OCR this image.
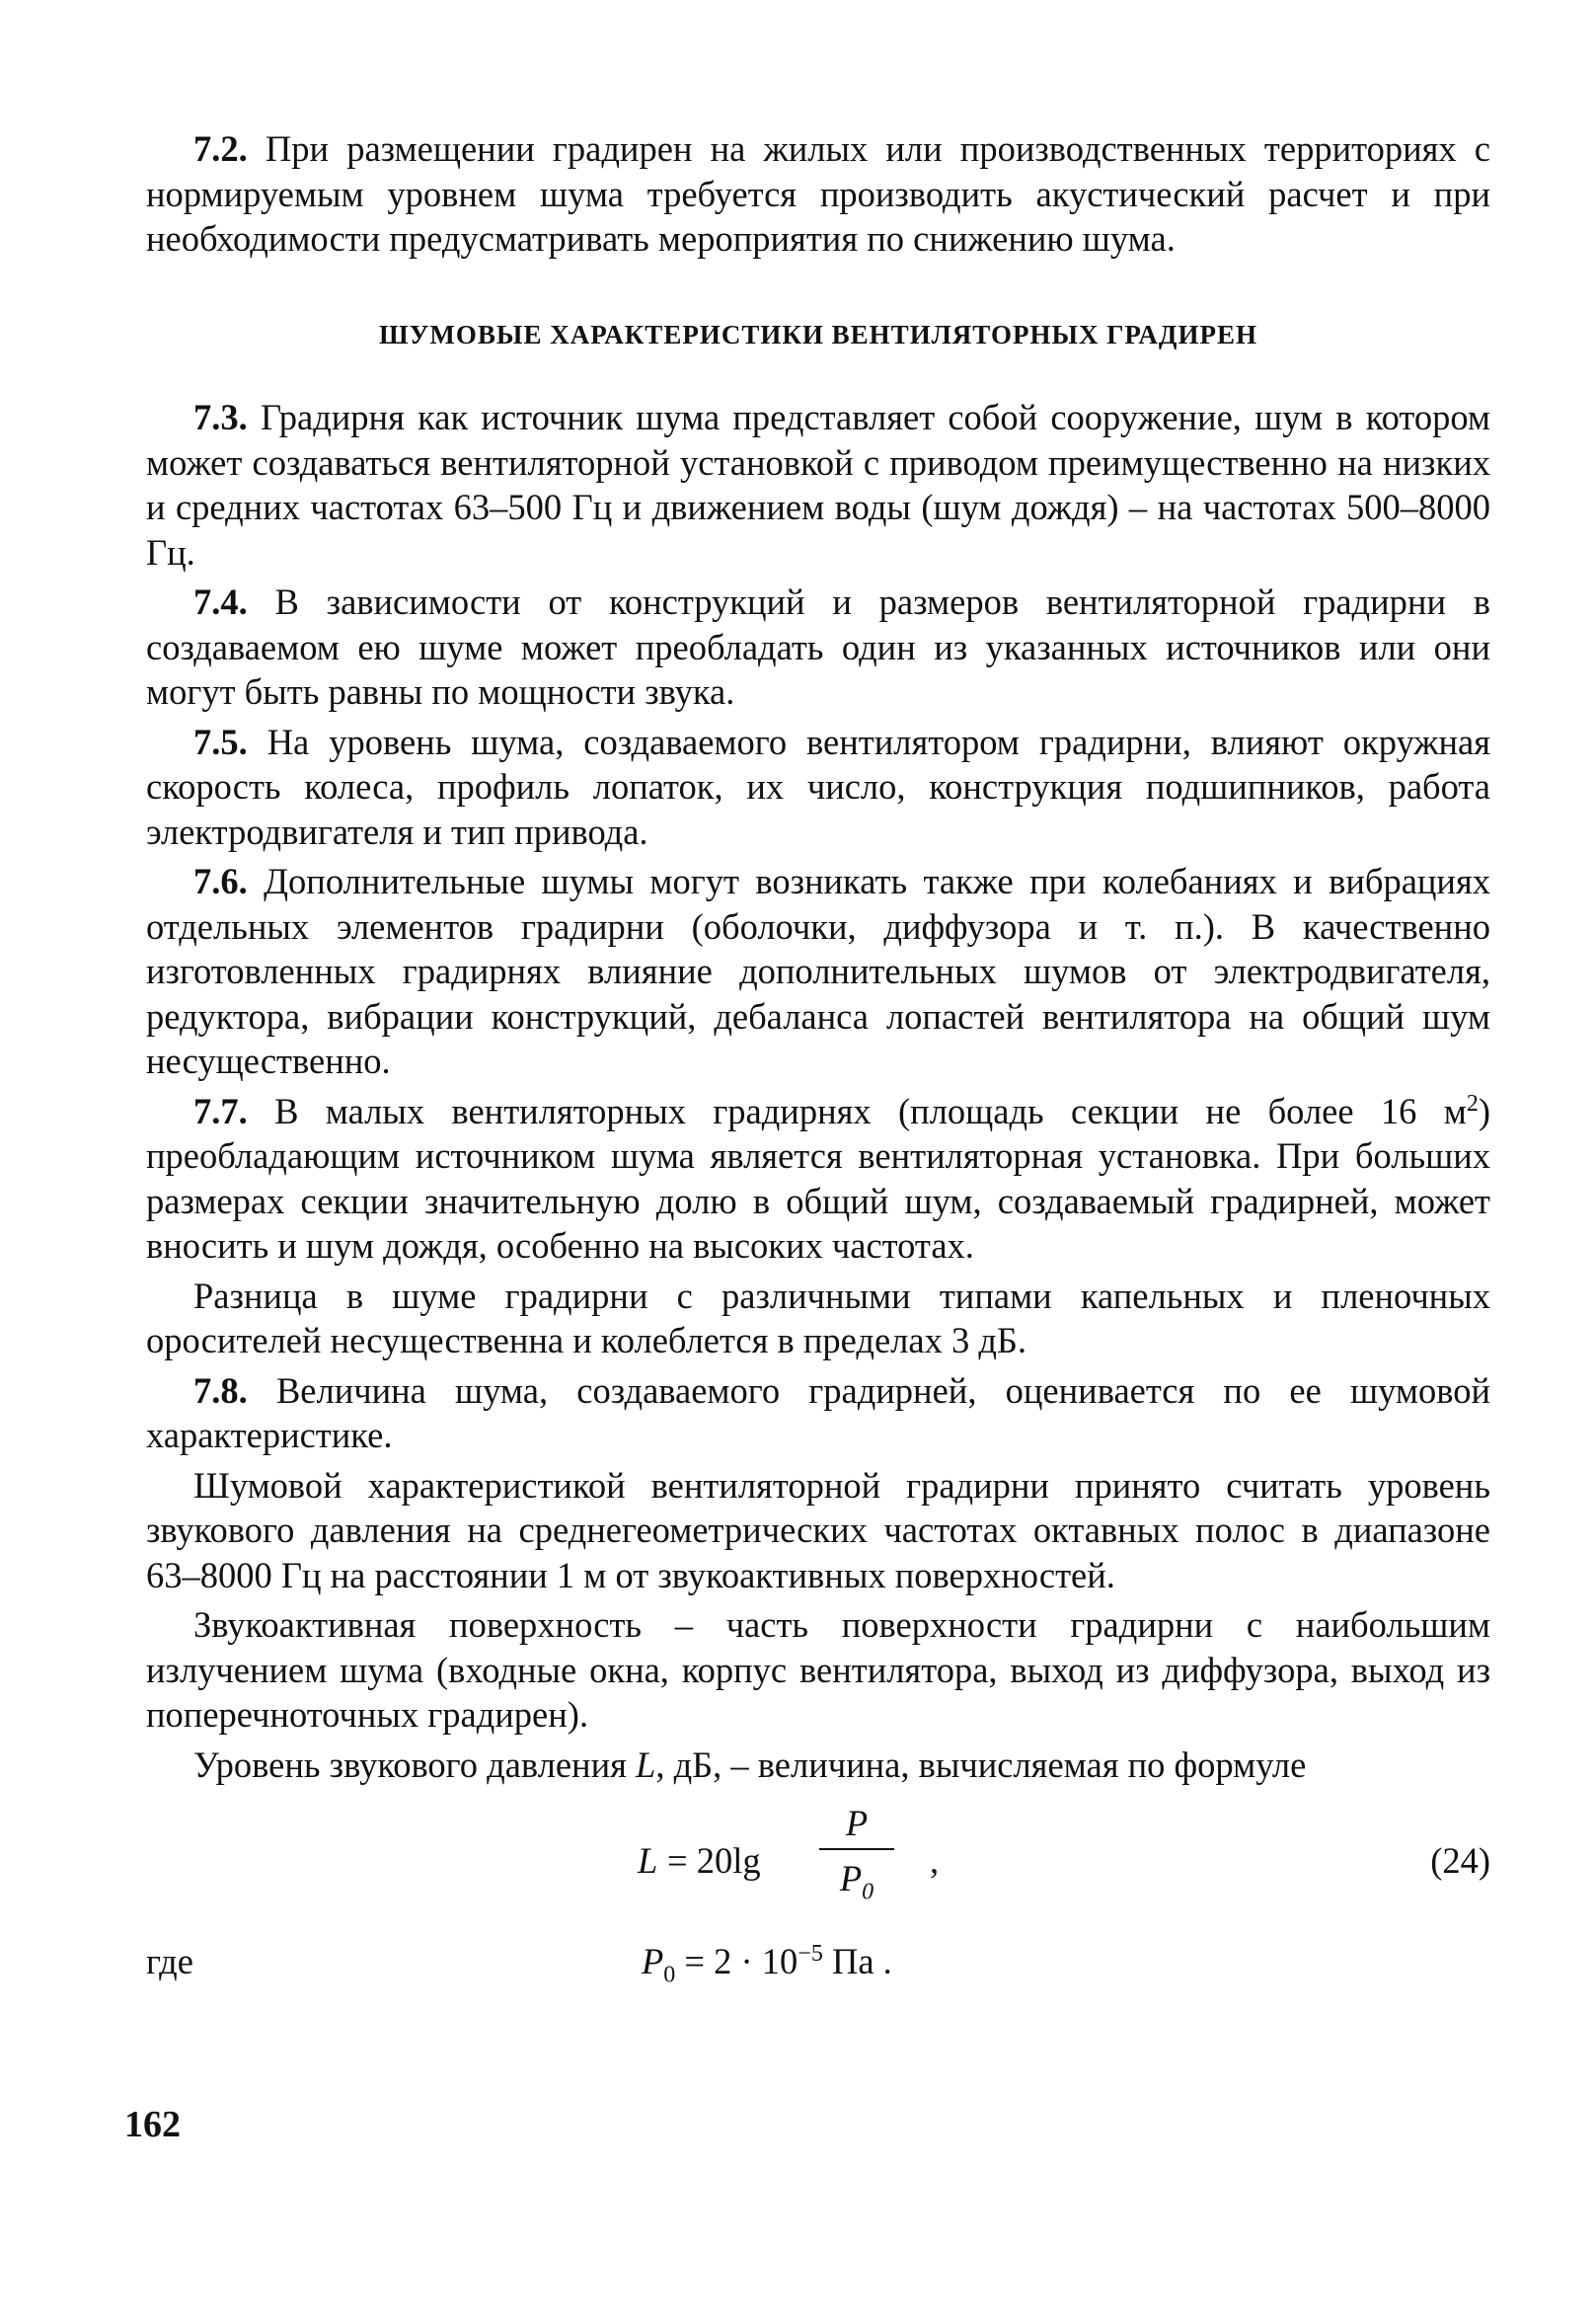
7.2. При размещении градирен на жилых или производственных территориях с нормируемым уровнем шума требуется производить акустический расчет и при необходимости предусматривать мероприятия по снижению шума.

ШУМОВЫЕ ХАРАКТЕРИСТИКИ ВЕНТИЛЯТОРНЫХ ГРАДИРЕН

7.3. Градирня как источник шума представляет собой сооружение, шум в котором может создаваться вентиляторной установкой с приводом преимущественно на низких и средних частотах 63–500 Гц и движением воды (шум дождя) – на частотах 500–8000 Гц.

7.4. В зависимости от конструкций и размеров вентиляторной градирни в создаваемом ею шуме может преобладать один из указанных источников или они могут быть равны по мощности звука.

7.5. На уровень шума, создаваемого вентилятором градирни, влияют окружная скорость колеса, профиль лопаток, их число, конструкция подшипников, работа электродвигателя и тип привода.

7.6. Дополнительные шумы могут возникать также при колебаниях и вибрациях отдельных элементов градирни (оболочки, диффузора и т. п.). В качественно изготовленных градирнях влияние дополнительных шумов от электродвигателя, редуктора, вибрации конструкций, дебаланса лопастей вентилятора на общий шум несущественно.

7.7. В малых вентиляторных градирнях (площадь секции не более 16 $м^2$) преобладающим источником шума является вентиляторная установка. При больших размерах секции значительную долю в общий шум, создаваемый градирней, может вносить и шум дождя, особенно на высоких частотах.

Разница в шуме градирни с различными типами капельных и пленочных оросителей несущественна и колеблется в пределах 3 дБ.

7.8. Величина шума, создаваемого градирней, оценивается по ее шумовой характеристике.

Шумовой характеристикой вентиляторной градирни принято считать уровень звукового давления на среднегеометрических частотах октавных полос в диапазоне 63–8000 Гц на расстоянии 1 м от звукоактивных поверхностей.

Звукоактивная поверхность – часть поверхности градирни с наибольшим излучением шума (входные окна, корпус вентилятора, выход из диффузора, выход из поперечноточных градирен).

Уровень звукового давления L, дБ, – величина, вычисляемая по формуле

L = 20lg
P
$P_0$
,	(24)
где	$P_0 = 2 \cdot 10^{-5}$ Па .
162
